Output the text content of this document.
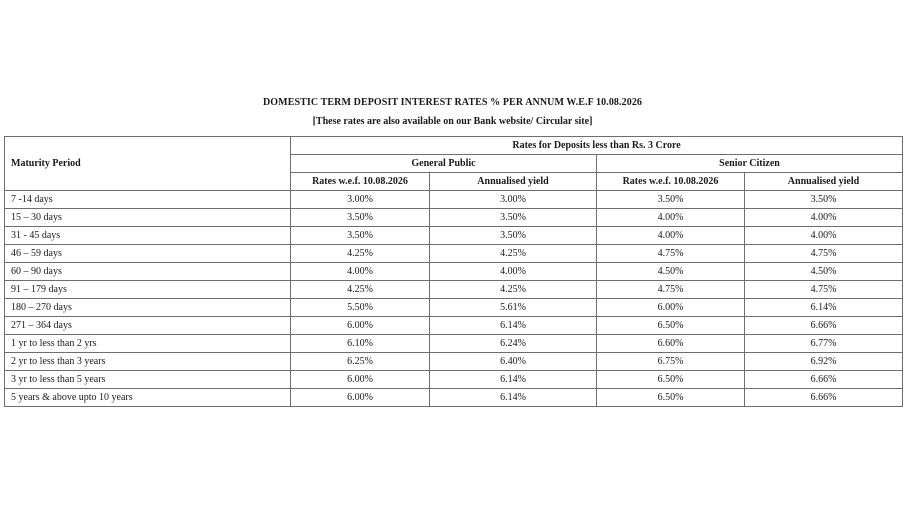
DOMESTIC TERM DEPOSIT INTEREST RATES % PER ANNUM W.E.F 10.08.2026
[These rates are also available on our Bank website/ Circular site]
Maturity Period	Rates for Deposits less than Rs. 3 Crore			
	General Public		Senior Citizen	
	Rates w.e.f. 10.08.2026	Annualised yield	Rates w.e.f. 10.08.2026	Annualised yield
7 -14 days	3.00%	3.00%	3.50%	3.50%
15 – 30 days	3.50%	3.50%	4.00%	4.00%
31 - 45 days	3.50%	3.50%	4.00%	4.00%
46 – 59 days	4.25%	4.25%	4.75%	4.75%
60 – 90 days	4.00%	4.00%	4.50%	4.50%
91 – 179 days	4.25%	4.25%	4.75%	4.75%
180 – 270 days	5.50%	5.61%	6.00%	6.14%
271 – 364 days	6.00%	6.14%	6.50%	6.66%
1 yr to less than 2 yrs	6.10%	6.24%	6.60%	6.77%
2 yr to less than 3 years	6.25%	6.40%	6.75%	6.92%
3 yr to less than 5 years	6.00%	6.14%	6.50%	6.66%
5 years & above upto 10 years	6.00%	6.14%	6.50%	6.66%
